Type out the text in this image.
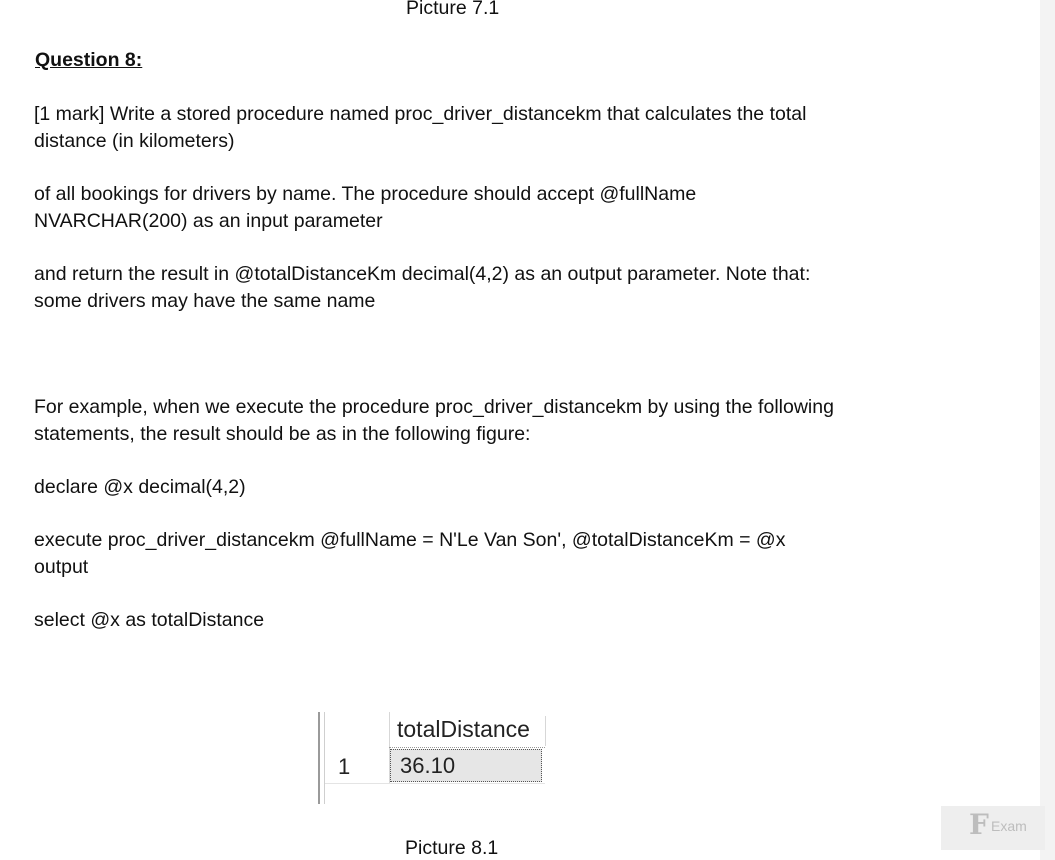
Picture 7.1
Question 8:

[1 mark] Write a stored procedure named proc_driver_distancekm that calculates the total
distance (in kilometers)

of all bookings for drivers by name. The procedure should accept @fullName
NVARCHAR(200) as an input parameter

and return the result in @totalDistanceKm decimal(4,2) as an output parameter. Note that:
some drivers may have the same name

For example, when we execute the procedure proc_driver_distancekm by using the following
statements, the result should be as in the following figure:

declare @x decimal(4,2)

execute proc_driver_distancekm @fullName = N'Le Van Son', @totalDistanceKm = @x
output

select @x as totalDistance

totalDistance
1 36.10
Picture 8.1
F Exam
